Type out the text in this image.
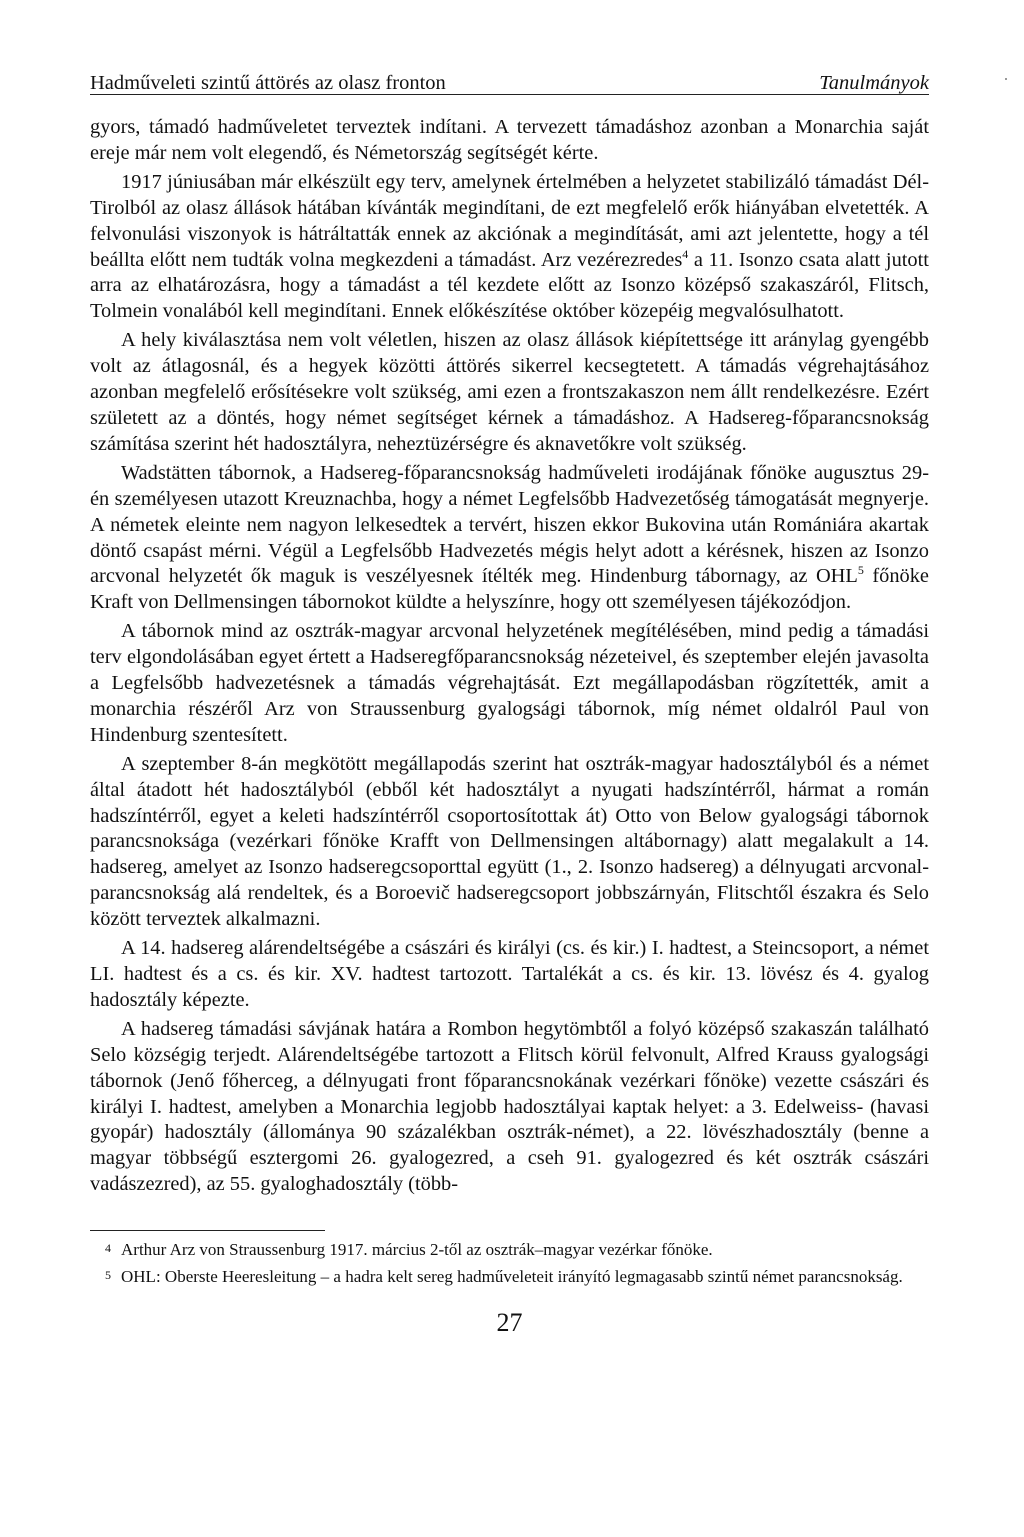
Hadműveleti szintű áttörés az olasz fronton	Tanulmányok

gyors, támadó hadműveletet terveztek indítani. A tervezett támadáshoz azonban a Monarchia saját ereje már nem volt elegendő, és Németország segítségét kérte.

1917 júniusában már elkészült egy terv, amelynek értelmében a helyzetet stabilizáló támadást Dél-Tirolból az olasz állások hátában kívánták megindítani, de ezt megfelelő erők hiányában elvetették. A felvonulási viszonyok is hátráltatták ennek az akciónak a megindítását, ami azt jelentette, hogy a tél beállta előtt nem tudták volna megkezdeni a támadást. Arz vezérezredes$^4$ a 11. Isonzo csata alatt jutott arra az elhatározásra, hogy a támadást a tél kezdete előtt az Isonzo középső szakaszáról, Flitsch, Tolmein vonalából kell megindítani. Ennek előkészítése október közepéig megvalósulhatott.

A hely kiválasztása nem volt véletlen, hiszen az olasz állások kiépítettsége itt aránylag gyengébb volt az átlagosnál, és a hegyek közötti áttörés sikerrel kecsegtetett. A támadás végrehajtásához azonban megfelelő erősítésekre volt szükség, ami ezen a frontszakaszon nem állt rendelkezésre. Ezért született az a döntés, hogy német segítséget kérnek a támadáshoz. A Hadsereg-főparancsnokság számítása szerint hét hadosztályra, neheztüzérségre és aknavetőkre volt szükség.

Wadstätten tábornok, a Hadsereg-főparancsnokság hadműveleti irodájának főnöke augusztus 29-én személyesen utazott Kreuznachba, hogy a német Legfelsőbb Hadvezetőség támogatását megnyerje. A németek eleinte nem nagyon lelkesedtek a tervért, hiszen ekkor Bukovina után Romániára akartak döntő csapást mérni. Végül a Legfelsőbb Hadvezetés mégis helyt adott a kérésnek, hiszen az Isonzo arcvonal helyzetét ők maguk is veszélyesnek ítélték meg. Hindenburg tábornagy, az OHL$^5$ főnöke Kraft von Dellmensingen tábornokot küldte a helyszínre, hogy ott személyesen tájékozódjon.

A tábornok mind az osztrák-magyar arcvonal helyzetének megítélésében, mind pedig a támadási terv elgondolásában egyet értett a Hadseregfőparancsnokság nézeteivel, és szeptember elején javasolta a Legfelsőbb hadvezetésnek a támadás végrehajtását. Ezt megállapodásban rögzítették, amit a monarchia részéről Arz von Straussenburg gyalogsági tábornok, míg német oldalról Paul von Hindenburg szentesített.

A szeptember 8-án megkötött megállapodás szerint hat osztrák-magyar hadosztályból és a német által átadott hét hadosztályból (ebből két hadosztályt a nyugati hadszíntérről, hármat a román hadszíntérről, egyet a keleti hadszíntérről csoportosítottak át) Otto von Below gyalogsági tábornok parancsnoksága (vezérkari főnöke Krafft von Dellmensingen altábornagy) alatt megalakult a 14. hadsereg, amelyet az Isonzo hadseregcsoporttal együtt (1., 2. Isonzo hadsereg) a délnyugati arcvonal-parancsnokság alá rendeltek, és a Boroevič hadseregcsoport jobbszárnyán, Flitschtől északra és Selo között terveztek alkalmazni.

A 14. hadsereg alárendeltségébe a császári és királyi (cs. és kir.) I. hadtest, a Steincsoport, a német LI. hadtest és a cs. és kir. XV. hadtest tartozott. Tartalékát a cs. és kir. 13. lövész és 4. gyalog hadosztály képezte.

A hadsereg támadási sávjának határa a Rombon hegytömbtől a folyó középső szakaszán található Selo községig terjedt. Alárendeltségébe tartozott a Flitsch körül felvonult, Alfred Krauss gyalogsági tábornok (Jenő főherceg, a délnyugati front főparancsnokának vezérkari főnöke) vezette császári és királyi I. hadtest, amelyben a Monarchia legjobb hadosztályai kaptak helyet: a 3. Edelweiss- (havasi gyopár) hadosztály (állománya 90 százalékban osztrák-német), a 22. lövészhadosztály (benne a magyar többségű esztergomi 26. gyalogezred, a cseh 91. gyalogezred és két osztrák császári vadászezred), az 55. gyaloghadosztály (több-

4 Arthur Arz von Straussenburg 1917. március 2-től az osztrák–magyar vezérkar főnöke.
5 OHL: Oberste Heeresleitung – a hadra kelt sereg hadműveleteit irányító legmagasabb szintű német parancsnokság.
27
